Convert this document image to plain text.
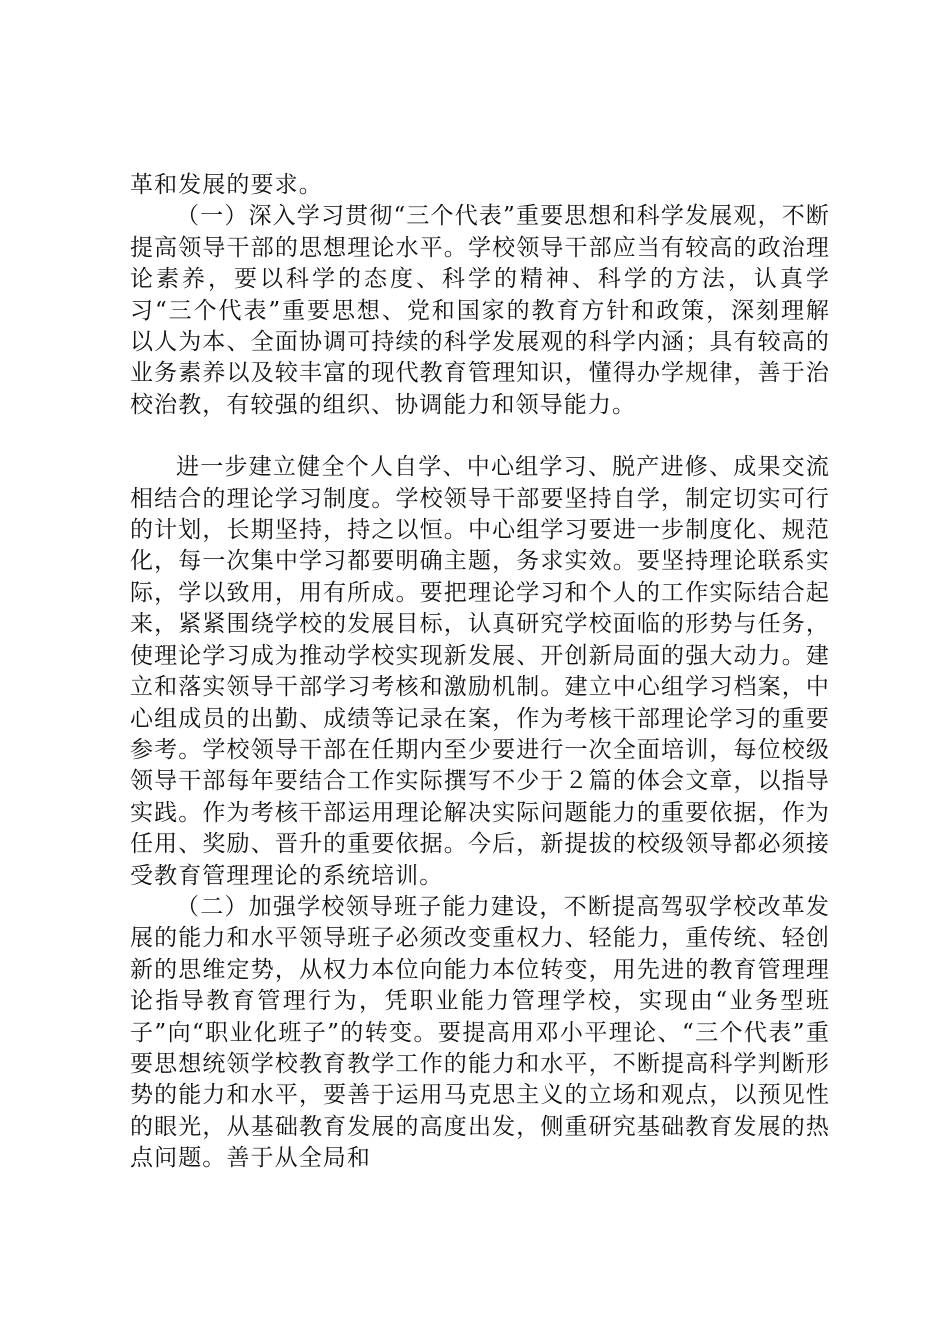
革和发展的要求。

（一）深入学习贯彻“三个代表”重要思想和科学发展观，不断提高领导干部的思想理论水平。学校领导干部应当有较高的政治理论素养，要以科学的态度、科学的精神、科学的方法，认真学习“三个代表”重要思想、党和国家的教育方针和政策，深刻理解以人为本、全面协调可持续的科学发展观的科学内涵；具有较高的业务素养以及较丰富的现代教育管理知识，懂得办学规律，善于治校治教，有较强的组织、协调能力和领导能力。

进一步建立健全个人自学、中心组学习、脱产进修、成果交流相结合的理论学习制度。学校领导干部要坚持自学，制定切实可行的计划，长期坚持，持之以恒。中心组学习要进一步制度化、规范化，每一次集中学习都要明确主题，务求实效。要坚持理论联系实际，学以致用，用有所成。要把理论学习和个人的工作实际结合起来，紧紧围绕学校的发展目标，认真研究学校面临的形势与任务，使理论学习成为推动学校实现新发展、开创新局面的强大动力。建立和落实领导干部学习考核和激励机制。建立中心组学习档案，中心组成员的出勤、成绩等记录在案，作为考核干部理论学习的重要参考。学校领导干部在任期内至少要进行一次全面培训，每位校级领导干部每年要结合工作实际撰写不少于２篇的体会文章，以指导实践。作为考核干部运用理论解决实际问题能力的重要依据，作为任用、奖励、晋升的重要依据。今后，新提拔的校级领导都必须接受教育管理理论的系统培训。

（二）加强学校领导班子能力建设，不断提高驾驭学校改革发展的能力和水平领导班子必须改变重权力、轻能力，重传统、轻创新的思维定势，从权力本位向能力本位转变，用先进的教育管理理论指导教育管理行为，凭职业能力管理学校，实现由“业务型班子”向“职业化班子”的转变。要提高用邓小平理论、“三个代表”重要思想统领学校教育教学工作的能力和水平，不断提高科学判断形势的能力和水平，要善于运用马克思主义的立场和观点，以预见性的眼光，从基础教育发展的高度出发，侧重研究基础教育发展的热点问题。善于从全局和
